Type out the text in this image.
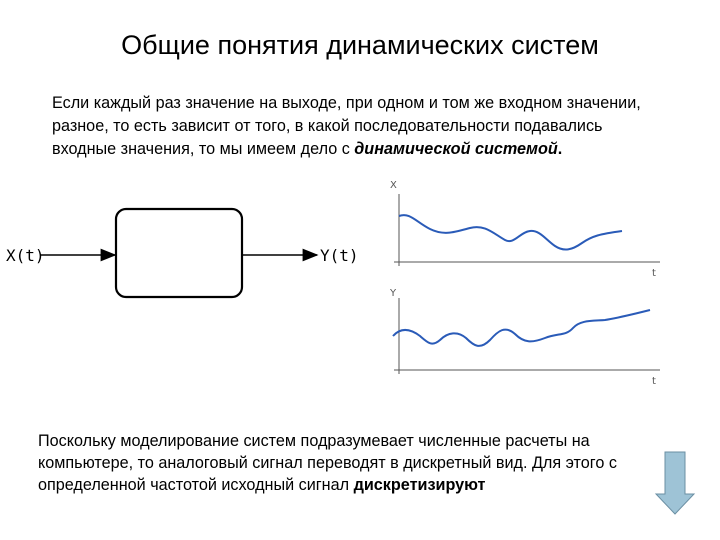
Общие понятия динамических систем
Если каждый раз значение на выходе, при одном и том же входном значении, разное, то есть зависит от того, в какой последовательности подавались входные значения, то мы имеем дело с динамической системой.
X(t)	Y(t)
X
t
Y
t
Поскольку моделирование систем подразумевает численные расчеты на компьютере, то аналоговый сигнал переводят в дискретный вид. Для этого с определенной частотой исходный сигнал дискретизируют
